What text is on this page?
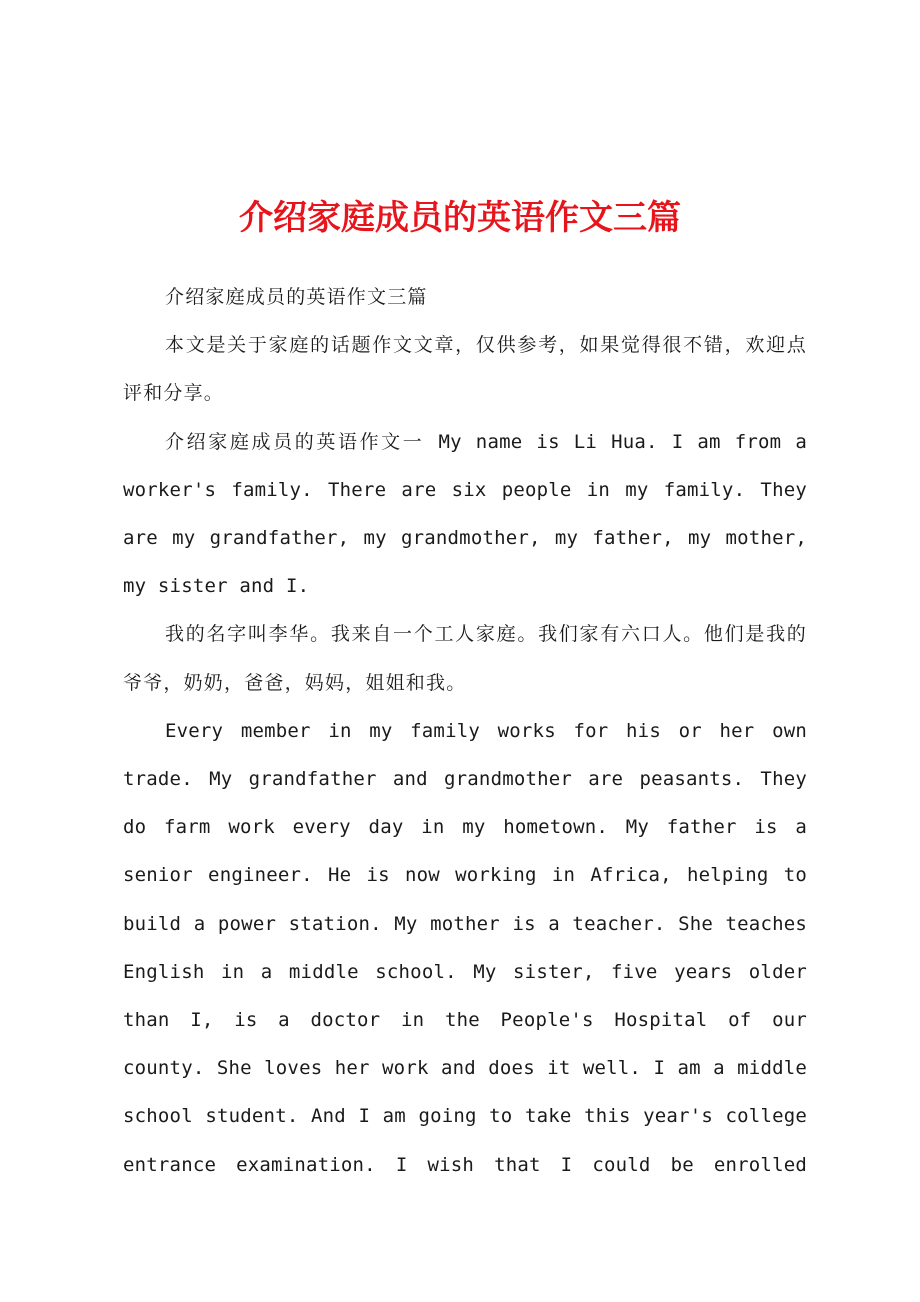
介绍家庭成员的英语作文三篇

介绍家庭成员的英语作文三篇

本文是关于家庭的话题作文文章，仅供参考，如果觉得很不错，欢迎点评和分享。

介绍家庭成员的英语作文一 My name is Li Hua. I am from a worker's family. There are six people in my family. They are my grandfather, my grandmother, my father, my mother, my sister and I.

我的名字叫李华。我来自一个工人家庭。我们家有六口人。他们是我的爷爷，奶奶，爸爸，妈妈，姐姐和我。

Every member in my family works for his or her own trade. My grandfather and grandmother are peasants. They do farm work every day in my hometown. My father is a senior engineer. He is now working in Africa, helping to build a power station. My mother is a teacher. She teaches English in a middle school. My sister, five years older than I, is a doctor in the People's Hospital of our county. She loves her work and does it well. I am a middle school student. And I am going to take this year's college entrance examination. I wish that I could be enrolled
